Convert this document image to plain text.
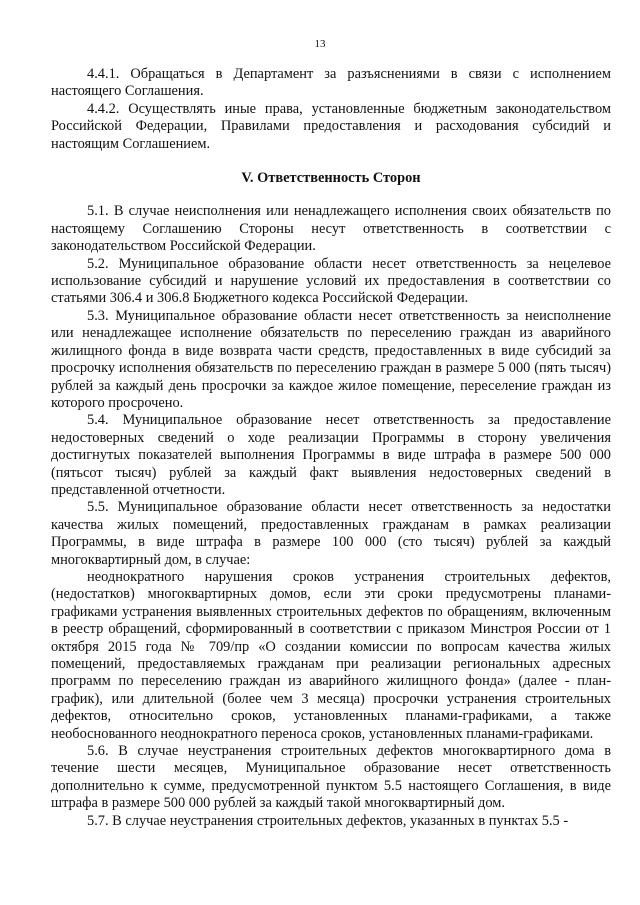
13

4.4.1. Обращаться в Департамент за разъяснениями в связи с исполнением настоящего Соглашения.

4.4.2. Осуществлять иные права, установленные бюджетным законодательством Российской Федерации, Правилами предоставления и расходования субсидий и настоящим Соглашением.

V. Ответственность Сторон

5.1. В случае неисполнения или ненадлежащего исполнения своих обязательств по настоящему Соглашению Стороны несут ответственность в соответствии с законодательством Российской Федерации.

5.2. Муниципальное образование области несет ответственность за нецелевое использование субсидий и нарушение условий их предоставления в соответствии со статьями 306.4 и 306.8 Бюджетного кодекса Российской Федерации.

5.3. Муниципальное образование области несет ответственность за неисполнение или ненадлежащее исполнение обязательств по переселению граждан из аварийного жилищного фонда в виде возврата части средств, предоставленных в виде субсидий за просрочку исполнения обязательств по переселению граждан в размере 5 000 (пять тысяч) рублей за каждый день просрочки за каждое жилое помещение, переселение граждан из которого просрочено.

5.4. Муниципальное образование несет ответственность за предоставление недостоверных сведений о ходе реализации Программы в сторону увеличения достигнутых показателей выполнения Программы в виде штрафа в размере 500 000 (пятьсот тысяч) рублей за каждый факт выявления недостоверных сведений в представленной отчетности.

5.5. Муниципальное образование области несет ответственность за недостатки качества жилых помещений, предоставленных гражданам в рамках реализации Программы, в виде штрафа в размере 100 000 (сто тысяч) рублей за каждый многоквартирный дом, в случае:

неоднократного нарушения сроков устранения строительных дефектов, (недостатков) многоквартирных домов, если эти сроки предусмотрены планами-графиками устранения выявленных строительных дефектов по обращениям, включенным в реестр обращений, сформированный в соответствии с приказом Минстроя России от 1 октября 2015 года № 709/пр «О создании комиссии по вопросам качества жилых помещений, предоставляемых гражданам при реализации региональных адресных программ по переселению граждан из аварийного жилищного фонда» (далее - план-график), или длительной (более чем 3 месяца) просрочки устранения строительных дефектов, относительно сроков, установленных планами-графиками, а также необоснованного неоднократного переноса сроков, установленных планами-графиками.

5.6. В случае неустранения строительных дефектов многоквартирного дома в течение шести месяцев, Муниципальное образование несет ответственность дополнительно к сумме, предусмотренной пунктом 5.5 настоящего Соглашения, в виде штрафа в размере 500 000 рублей за каждый такой многоквартирный дом.

5.7. В случае неустранения строительных дефектов, указанных в пунктах 5.5 -
